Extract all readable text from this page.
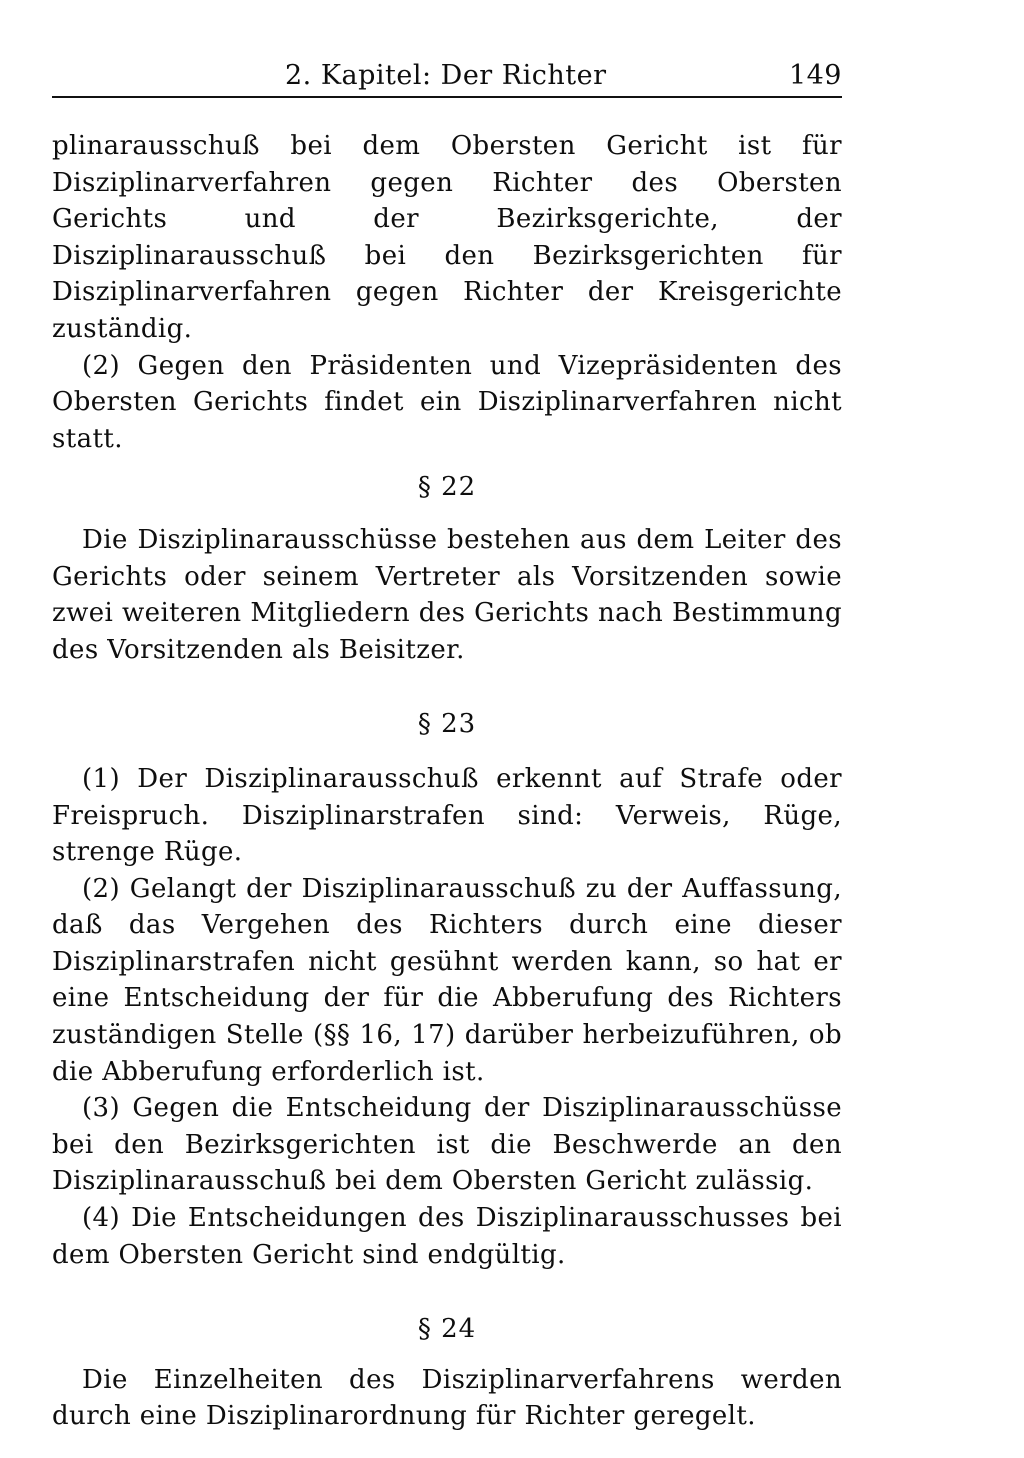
2. Kapitel: Der Richter	149

plinarausschuß bei dem Obersten Gericht ist für Disziplinarverfahren gegen Richter des Obersten Gerichts und der Bezirksgerichte, der Disziplinarausschuß bei den Bezirksgerichten für Disziplinarverfahren gegen Richter der Kreisgerichte zuständig.

(2) Gegen den Präsidenten und Vizepräsidenten des Obersten Gerichts findet ein Disziplinarverfahren nicht statt.

§ 22

Die Disziplinarausschüsse bestehen aus dem Leiter des Gerichts oder seinem Vertreter als Vorsitzenden sowie zwei weiteren Mitgliedern des Gerichts nach Bestimmung des Vorsitzenden als Beisitzer.

§ 23

(1) Der Disziplinarausschuß erkennt auf Strafe oder Freispruch. Disziplinarstrafen sind: Verweis, Rüge, strenge Rüge.

(2) Gelangt der Disziplinarausschuß zu der Auffassung, daß das Vergehen des Richters durch eine dieser Disziplinarstrafen nicht gesühnt werden kann, so hat er eine Entscheidung der für die Abberufung des Richters zuständigen Stelle (§§ 16, 17) darüber herbeizuführen, ob die Abberufung erforderlich ist.

(3) Gegen die Entscheidung der Disziplinarausschüsse bei den Bezirksgerichten ist die Beschwerde an den Disziplinarausschuß bei dem Obersten Gericht zulässig.

(4) Die Entscheidungen des Disziplinarausschusses bei dem Obersten Gericht sind endgültig.

§ 24

Die Einzelheiten des Disziplinarverfahrens werden durch eine Disziplinarordnung für Richter geregelt.
